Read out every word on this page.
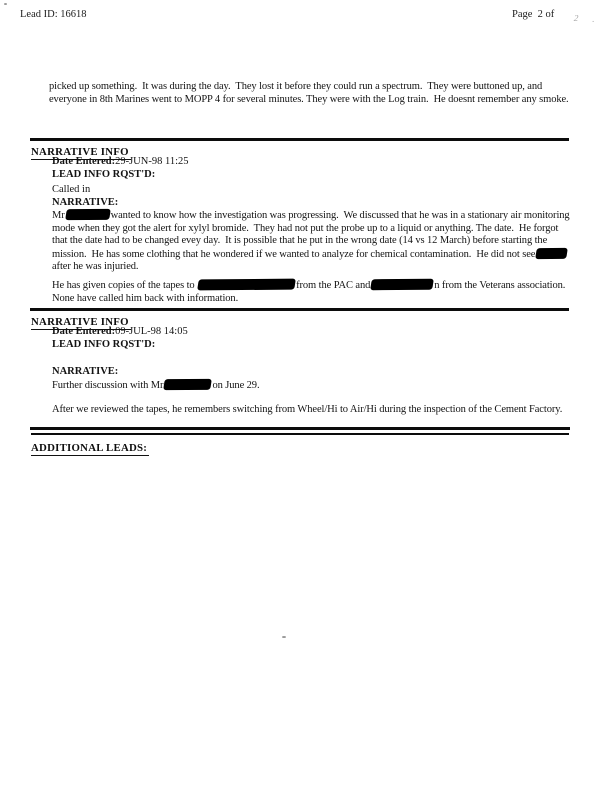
Lead ID: 16618	Page  2 of 2 .
picked up something.  It was during the day.  They lost it before they could run a spectrum.  They were buttoned up, and everyone in 8th Marines went to MOPP 4 for several minutes. They were with the Log train.  He doesnt remember any smoke.
NARRATIVE INFO
Date Entered:29-JUN-98 11:25
LEAD INFO RQST'D:
Called in
NARRATIVE:
Mr	wanted to know how the investigation was progressing.  We discussed that he was in a stationary air monitoring mode when they got the alert for xylyl bromide.  They had not put the probe up to a liquid or anything. The date.  He forgot that the date had to be changed evey day.  It is possible that he put in the wrong date (14 vs 12 March) before starting the mission.  He has some clothing that he wondered if we wanted to analyze for chemical contamination.  He did not seeafter he was injuried.
He has given copies of the tapes to	from the PAC and	n from the Veterans association.  None have called him back with information.
NARRATIVE INFO
Date Entered:09-JUL-98 14:05
LEAD INFO RQST'D:
NARRATIVE:
Further discussion with Mr	on June 29.
After we reviewed the tapes, he remembers switching from Wheel/Hi to Air/Hi during the inspection of the Cement Factory.
ADDITIONAL LEADS:
